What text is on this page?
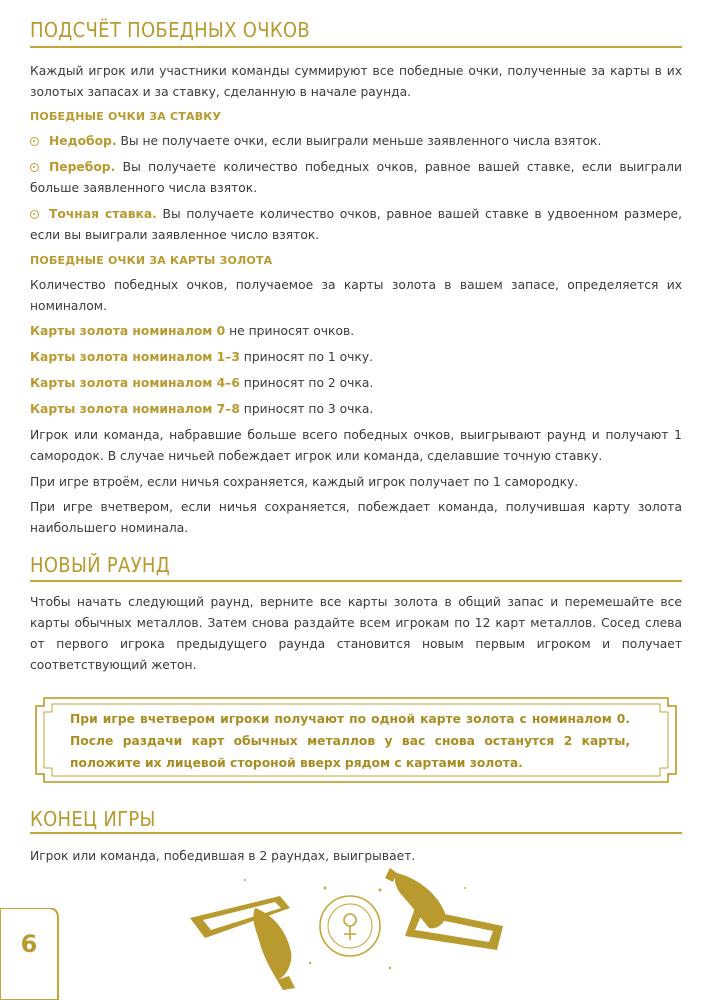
ПОДСЧЁТ ПОБЕДНЫХ ОЧКОВ
Каждый игрок или участники команды суммируют все победные очки, полученные за карты в их золотых запасах и за ставку, сделанную в начале раунда.
ПОБЕДНЫЕ ОЧКИ ЗА СТАВКУ
Недобор. Вы не получаете очки, если выиграли меньше заявленного числа взяток.
Перебор. Вы получаете количество победных очков, равное вашей ставке, если выиграли больше заявленного числа взяток.
Точная ставка. Вы получаете количество очков, равное вашей ставке в удвоенном размере, если вы выиграли заявленное число взяток.
ПОБЕДНЫЕ ОЧКИ ЗА КАРТЫ ЗОЛОТА
Количество победных очков, получаемое за карты золота в вашем запасе, определяется их номиналом.
Карты золота номиналом 0 не приносят очков.
Карты золота номиналом 1–3 приносят по 1 очку.
Карты золота номиналом 4–6 приносят по 2 очка.
Карты золота номиналом 7–8 приносят по 3 очка.
Игрок или команда, набравшие больше всего победных очков, выигрывают раунд и получают 1 самородок. В случае ничьей побеждает игрок или команда, сделавшие точную ставку.
При игре втроём, если ничья сохраняется, каждый игрок получает по 1 самородку.
При игре вчетвером, если ничья сохраняется, побеждает команда, получившая карту золота наибольшего номинала.
НОВЫЙ РАУНД
Чтобы начать следующий раунд, верните все карты золота в общий запас и перемешайте все карты обычных металлов. Затем снова раздайте всем игрокам по 12 карт металлов. Сосед слева от первого игрока предыдущего раунда становится новым первым игроком и получает соответствующий жетон.
При игре вчетвером игроки получают по одной карте золота с номиналом 0. После раздачи карт обычных металлов у вас снова останутся 2 карты, положите их лицевой стороной вверх рядом с картами золота.
КОНЕЦ ИГРЫ
Игрок или команда, победившая в 2 раундах, выигрывает.
6
